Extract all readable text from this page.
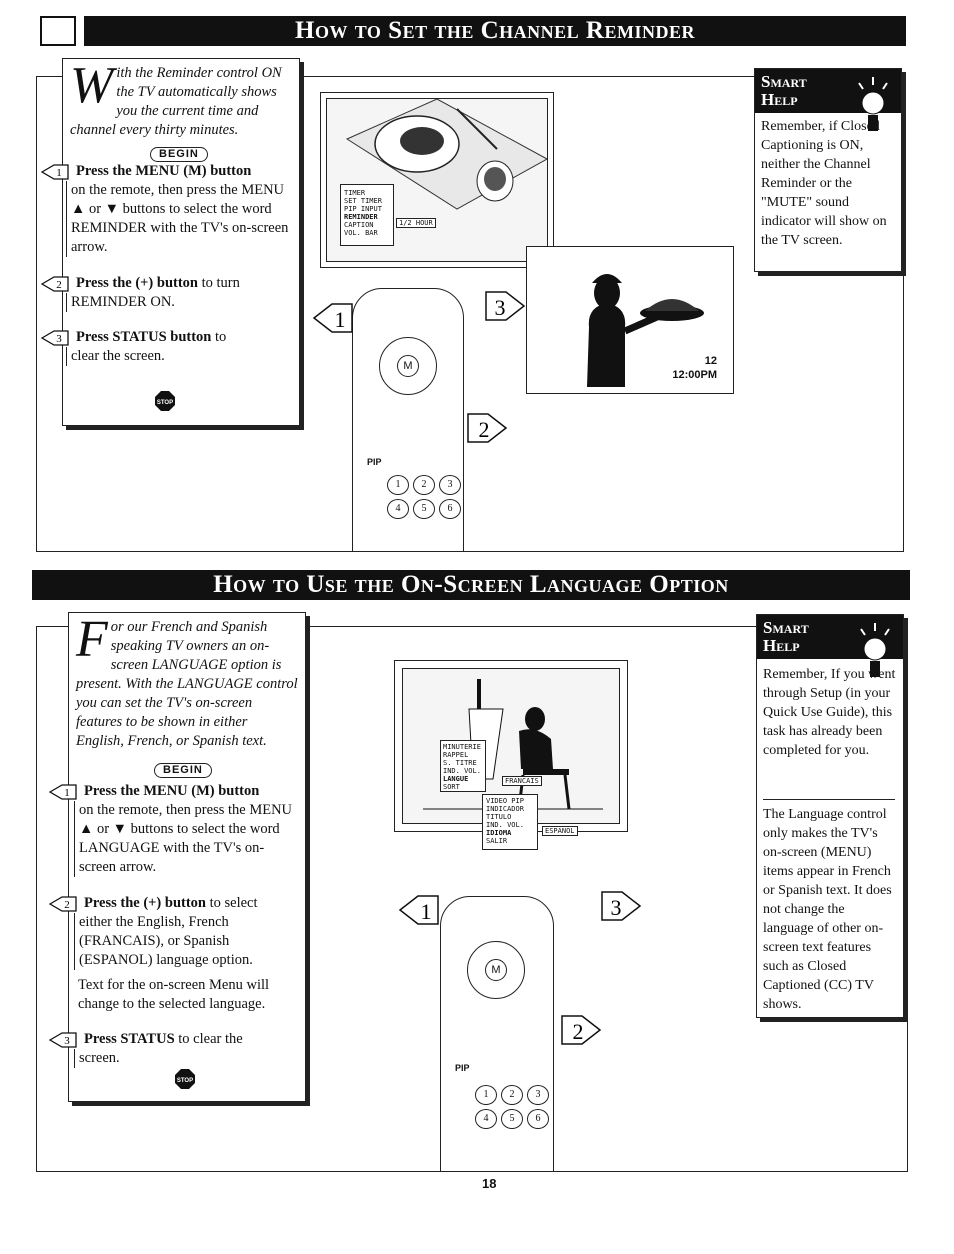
How to Set the Channel Reminder
W ith the Reminder control ON the TV automatically shows you the current time and channel every thirty minutes.
BEGIN
1 Press the MENU (M) button
on the remote, then press the MENU ▲ or ▼ buttons to select the word REMINDER with the TV's on-screen arrow.
2 Press the (+) button to turn
REMINDER ON.
3 Press STATUS button to
clear the screen.
STOP
TIMER
SET TIMER
PIP INPUT
REMINDER
CAPTION
VOL. BAR
1/2 HOUR
12
12:00PM
M
1	2	3
4	5	6
PIP
1	3
2
Smart
Help
Remember, if Closed Captioning is ON, neither the Channel Reminder or the "MUTE" sound indicator will show on the TV screen.
How to Use the On-Screen Language Option
F or our French and Spanish speaking TV owners an on-screen LANGUAGE option is present. With the LANGUAGE control you can set the TV's on-screen features to be shown in either English, French, or Spanish text.
BEGIN
1 Press the MENU (M) button
on the remote, then press the MENU ▲ or ▼ buttons to select the word LANGUAGE with the TV's on-screen arrow.
2 Press the (+) button to select
either the English, French (FRANCAIS), or Spanish (ESPANOL) language option.
Text for the on-screen Menu will change to the selected language.
3 Press STATUS to clear the
screen.
STOP
MINUTERIE
RAPPEL
S. TITRE
IND. VOL.
LANGUE
SORT
FRANCAIS
VIDEO PIP
INDICADOR
TITULO
IND. VOL.
IDIOMA
SALIR
ESPANOL
M
PIP
1	2	3
4	5	6
1	3
2
Smart
Help
Remember, If you went through Setup (in your Quick Use Guide), this task has already been completed for you.
The Language control only makes the TV's on-screen (MENU) items appear in French or Spanish text. It does not change the language of other on-screen text features such as Closed Captioned (CC) TV shows.
18
